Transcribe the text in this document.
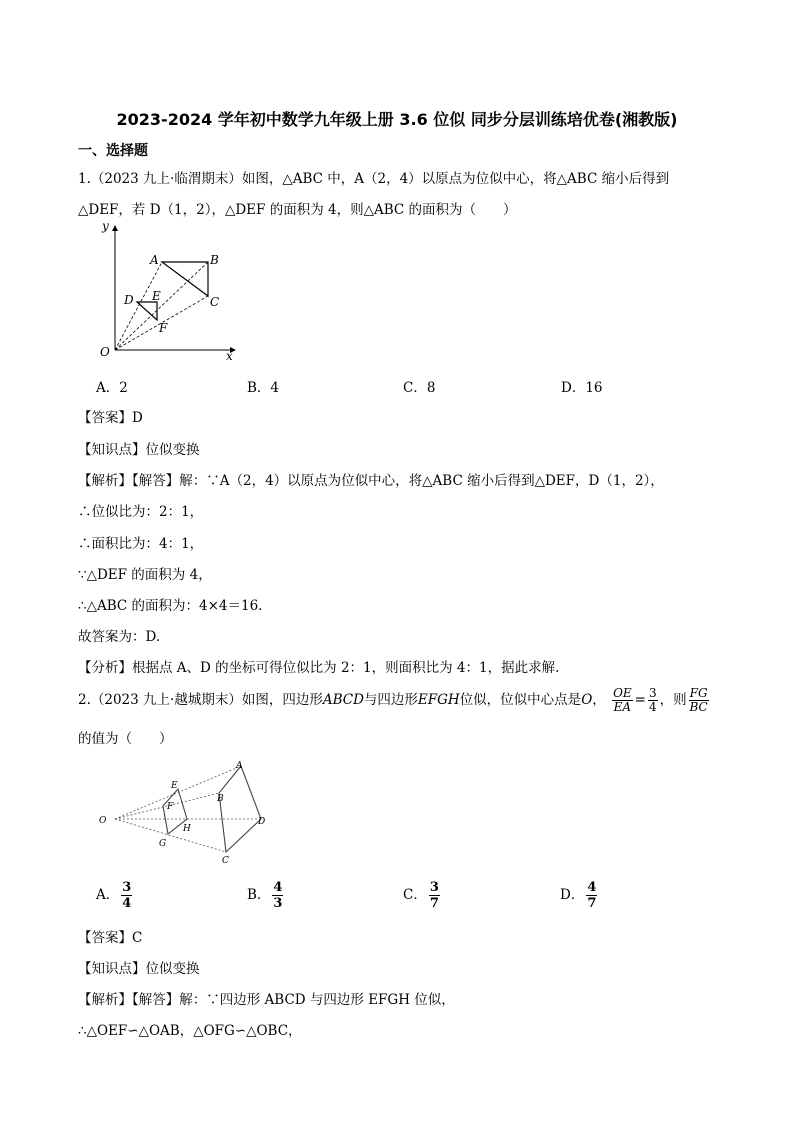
2023-2024 学年初中数学九年级上册 3.6 位似 同步分层训练培优卷(湘教版)
一、选择题
1.（2023 九上·临渭期末）如图，△ABC 中，A（2，4）以原点为位似中心，将△ABC 缩小后得到
△DEF，若 D（1，2），△DEF 的面积为 4，则△ABC 的面积为（　　）
y
x
O
A	B
C
D E
F
A．2	B．4	C．8	D．16
【答案】D
【知识点】位似变换
【解析】【解答】解：∵A（2，4）以原点为位似中心，将△ABC 缩小后得到△DEF，D（1，2），
∴位似比为：2：1，
∴面积比为：4：1，
∵△DEF 的面积为 4，
∴△ABC 的面积为：4×4＝16.
故答案为：D.
【分析】根据点 A、D 的坐标可得位似比为 2：1，则面积比为 4：1，据此求解.
2.（2023 九上·越城期末）如图，四边形ABCD与四边形EFGH位似，位似中心点是O， $\frac{OE}{EA} = \frac{3}{4}$ ，则 $\frac{FG}{BC}$
的值为（　　）
O
A
B
C
D
E
F
G
H
A． $\frac{3}{4}$	B． $\frac{4}{3}$	C． $\frac{3}{7}$	D． $\frac{4}{7}$
【答案】C
【知识点】位似变换
【解析】【解答】解：∵四边形 ABCD 与四边形 EFGH 位似，
∴△OEF∽△OAB，△OFG∽△OBC，
